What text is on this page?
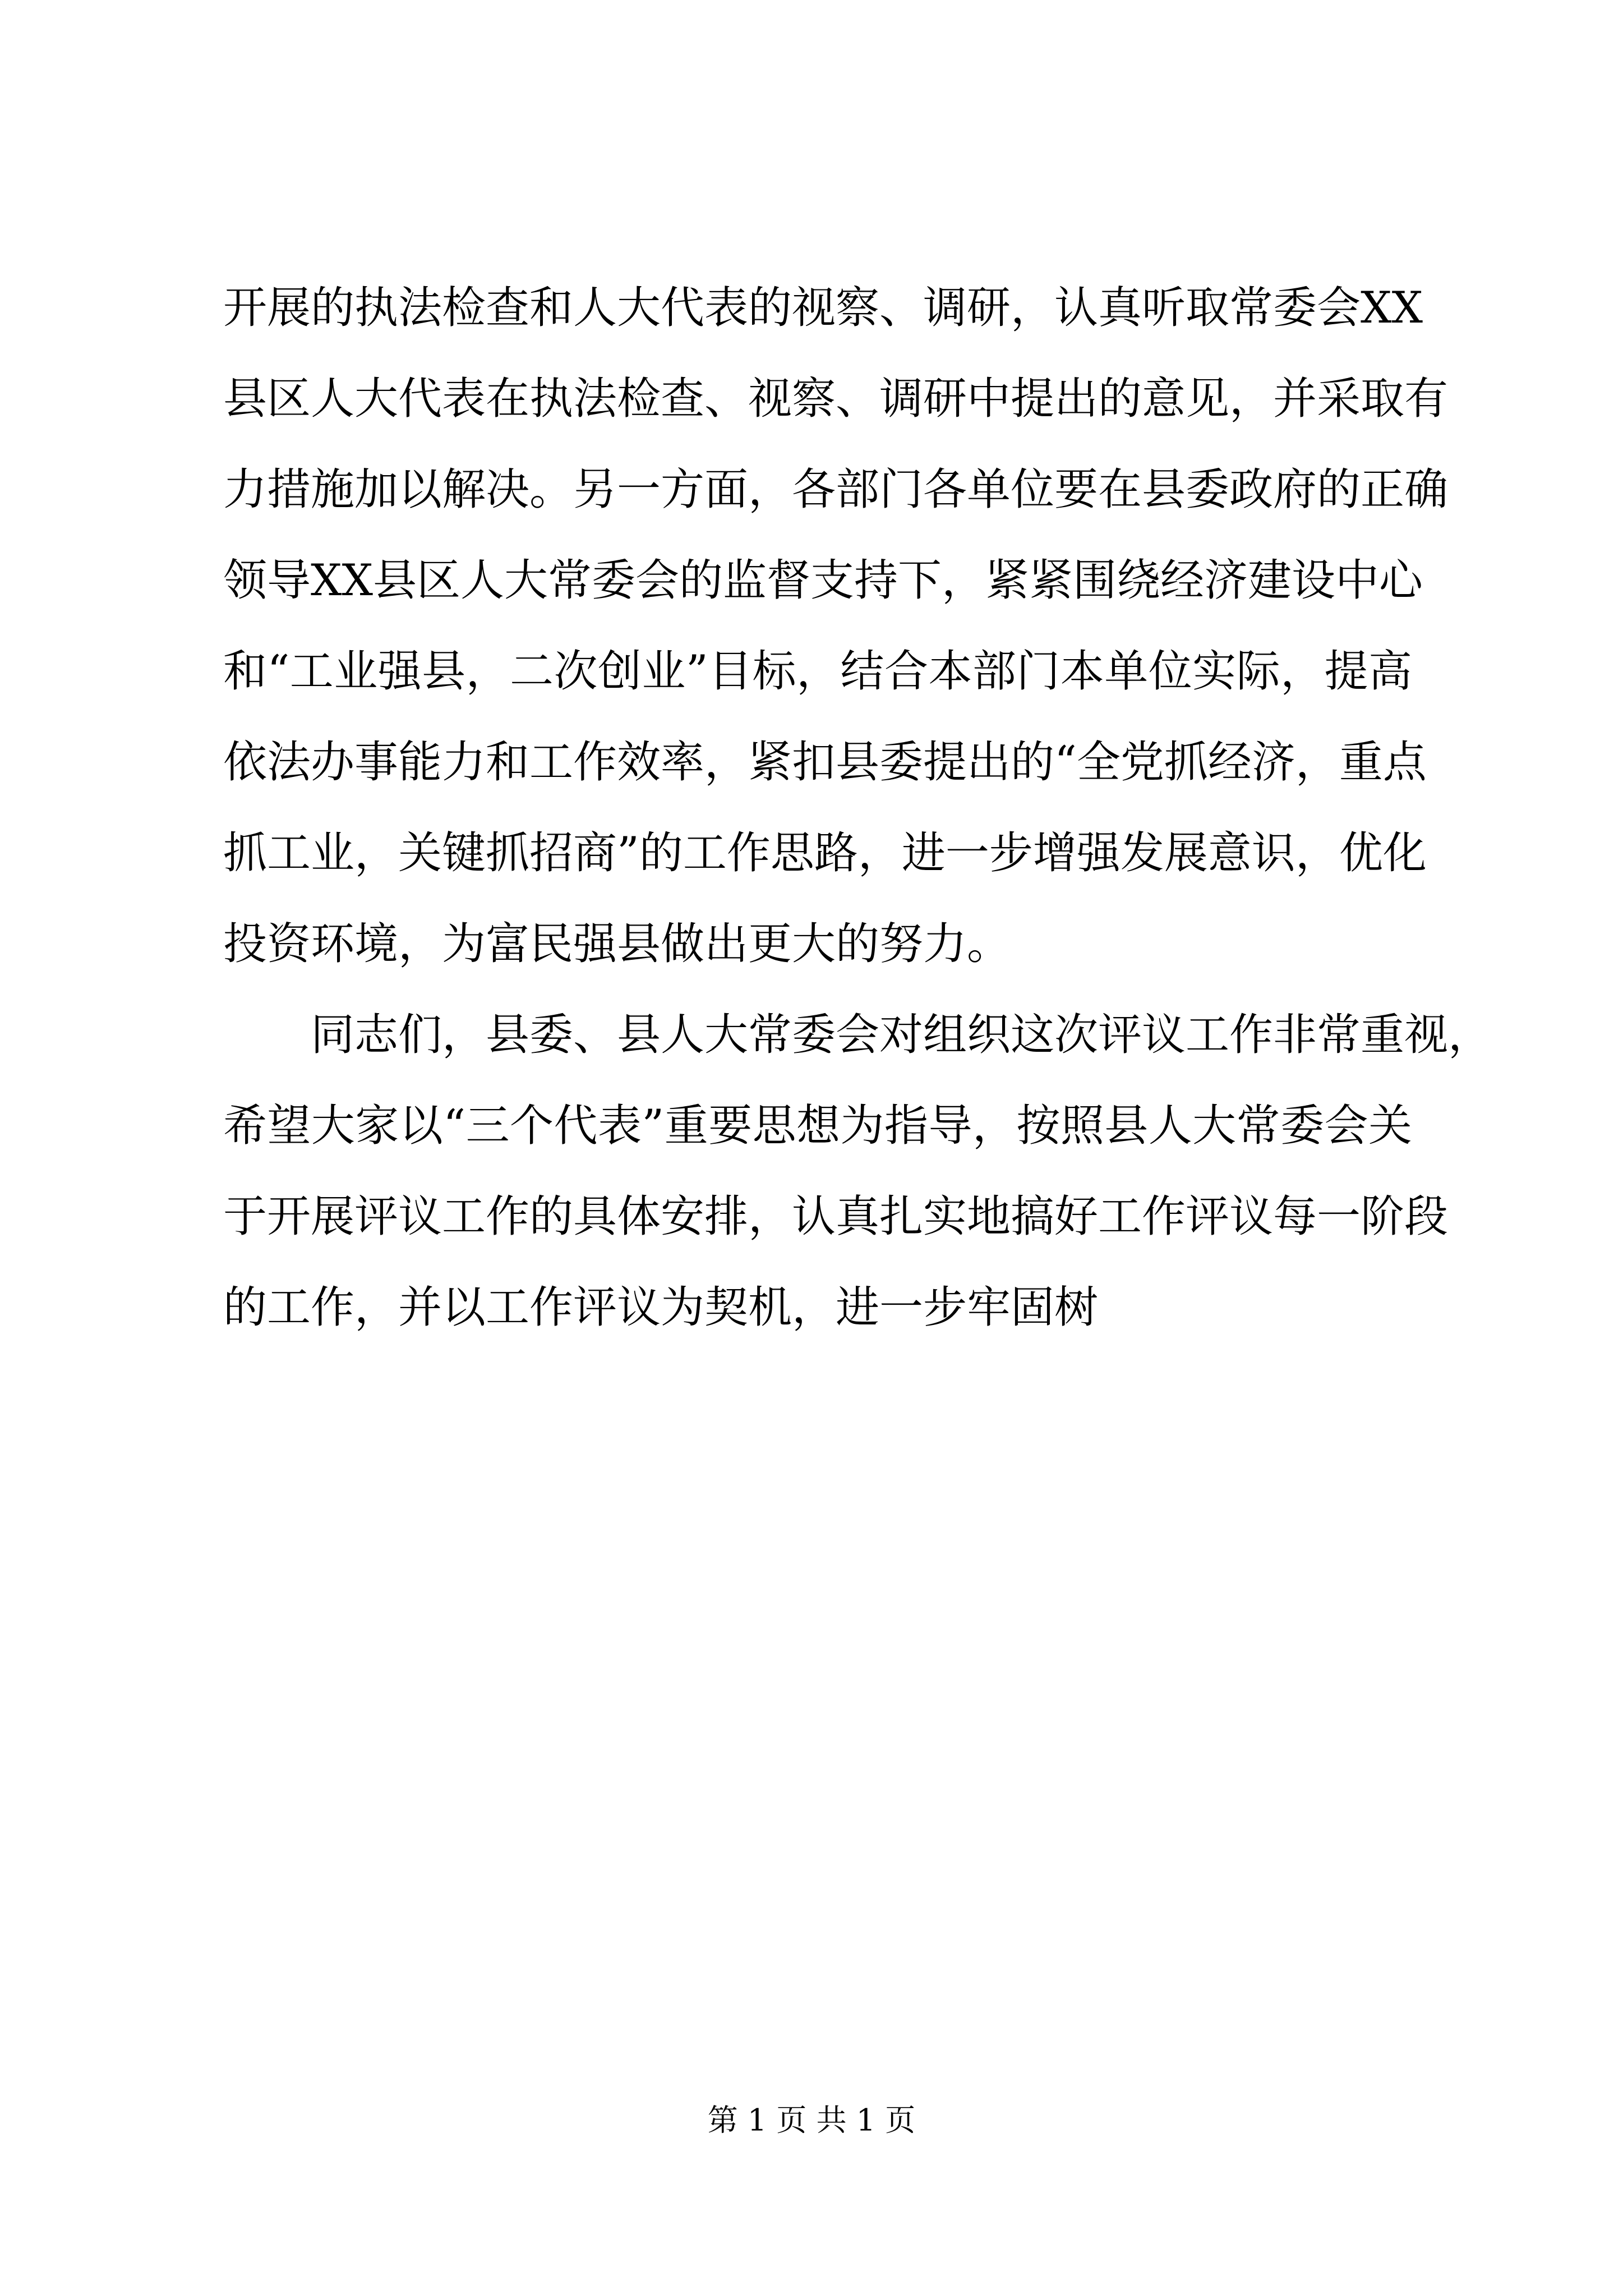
开展的执法检查和人大代表的视察、调研，认真听取常委会XX
县区人大代表在执法检查、视察、调研中提出的意见，并采取有
力措施加以解决。另一方面，各部门各单位要在县委政府的正确
领导XX县区人大常委会的监督支持下，紧紧围绕经济建设中心
和“工业强县，二次创业”目标，结合本部门本单位实际，提高
依法办事能力和工作效率，紧扣县委提出的“全党抓经济，重点
抓工业，关键抓招商”的工作思路，进一步增强发展意识，优化
投资环境，为富民强县做出更大的努力。
同志们，县委、县人大常委会对组织这次评议工作非常重视，
希望大家以“三个代表”重要思想为指导，按照县人大常委会关
于开展评议工作的具体安排，认真扎实地搞好工作评议每一阶段
的工作，并以工作评议为契机，进一步牢固树
第 1 页 共 1 页
